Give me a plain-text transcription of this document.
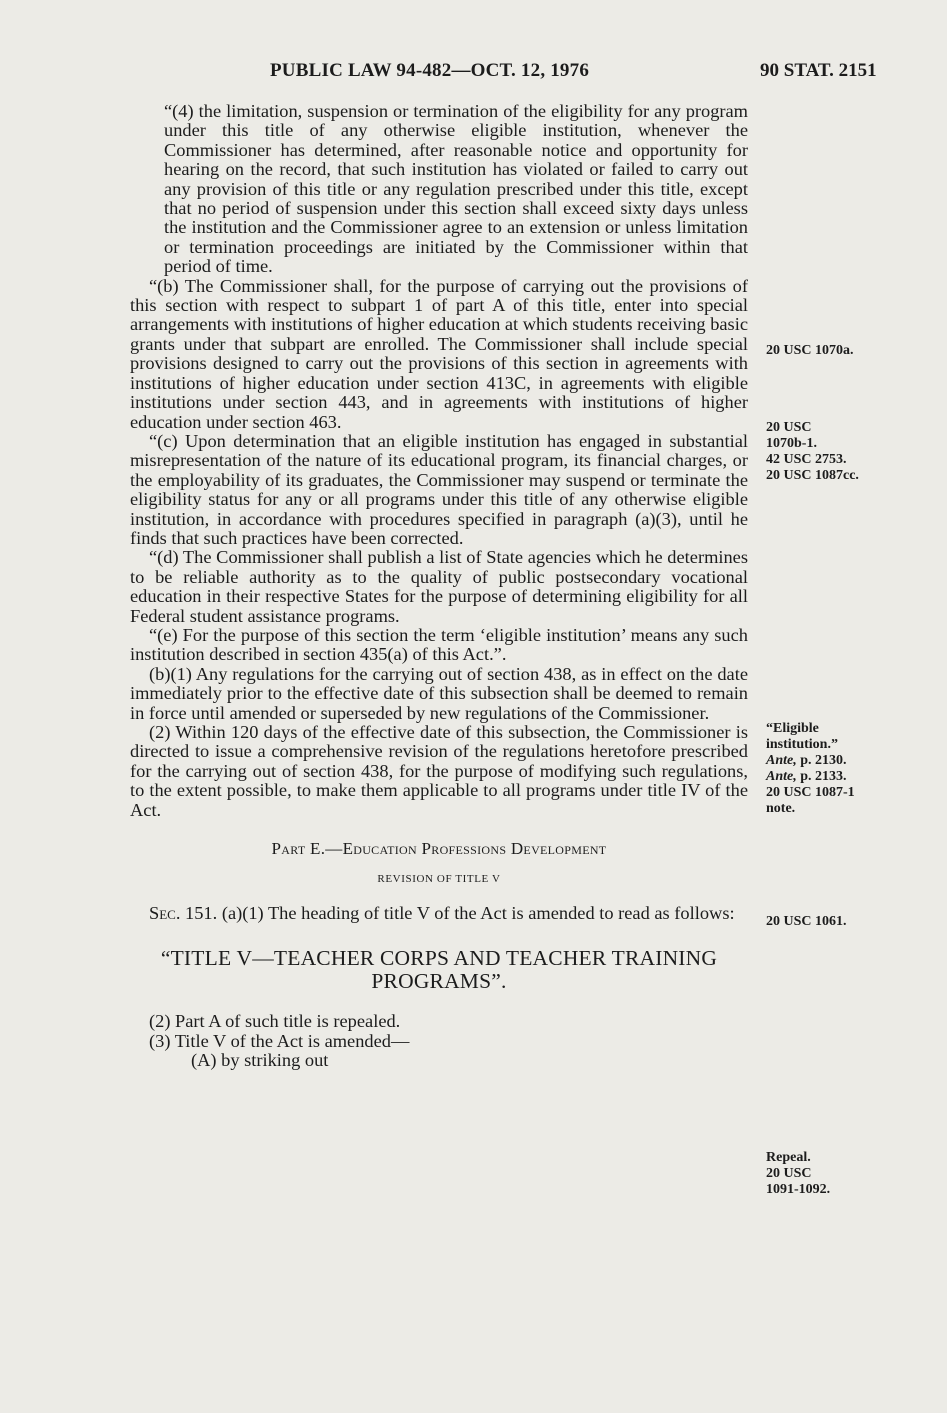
PUBLIC LAW 94-482—OCT. 12, 1976	90 STAT. 2151

“(4) the limitation, suspension or termination of the eligibility for any program under this title of any otherwise eligible institution, whenever the Commissioner has determined, after reasonable notice and opportunity for hearing on the record, that such institution has violated or failed to carry out any provision of this title or any regulation prescribed under this title, except that no period of suspension under this section shall exceed sixty days unless the institution and the Commissioner agree to an extension or unless limitation or termination proceedings are initiated by the Commissioner within that period of time.

“(b) The Commissioner shall, for the purpose of carrying out the provisions of this section with respect to subpart 1 of part A of this title, enter into special arrangements with institutions of higher education at which students receiving basic grants under that subpart are enrolled. The Commissioner shall include special provisions designed to carry out the provisions of this section in agreements with institutions of higher education under section 413C, in agreements with eligible institutions under section 443, and in agreements with institutions of higher education under section 463.

“(c) Upon determination that an eligible institution has engaged in substantial misrepresentation of the nature of its educational program, its financial charges, or the employability of its graduates, the Commissioner may suspend or terminate the eligibility status for any or all programs under this title of any otherwise eligible institution, in accordance with procedures specified in paragraph (a)(3), until he finds that such practices have been corrected.

“(d) The Commissioner shall publish a list of State agencies which he determines to be reliable authority as to the quality of public postsecondary vocational education in their respective States for the purpose of determining eligibility for all Federal student assistance programs.

“(e) For the purpose of this section the term ‘eligible institution’ means any such institution described in section 435(a) of this Act.”.

(b)(1) Any regulations for the carrying out of section 438, as in effect on the date immediately prior to the effective date of this subsection shall be deemed to remain in force until amended or superseded by new regulations of the Commissioner.

(2) Within 120 days of the effective date of this subsection, the Commissioner is directed to issue a comprehensive revision of the regulations heretofore prescribed for the carrying out of section 438, for the purpose of modifying such regulations, to the extent possible, to make them applicable to all programs under title IV of the Act.

Part E.—Education Professions Development
REVISION OF TITLE V

Sec. 151. (a)(1) The heading of title V of the Act is amended to read as follows:

“TITLE V—TEACHER CORPS AND TEACHER TRAINING PROGRAMS”.

(2) Part A of such title is repealed.

(3) Title V of the Act is amended—

(A) by striking out

20 USC 1070a.
20 USC
1070b-1.
42 USC 2753.
20 USC 1087cc.
“Eligible
institution.”
Ante, p. 2130.
Ante, p. 2133.
20 USC 1087-1
note.
20 USC 1061.
Repeal.
20 USC
1091-1092.
